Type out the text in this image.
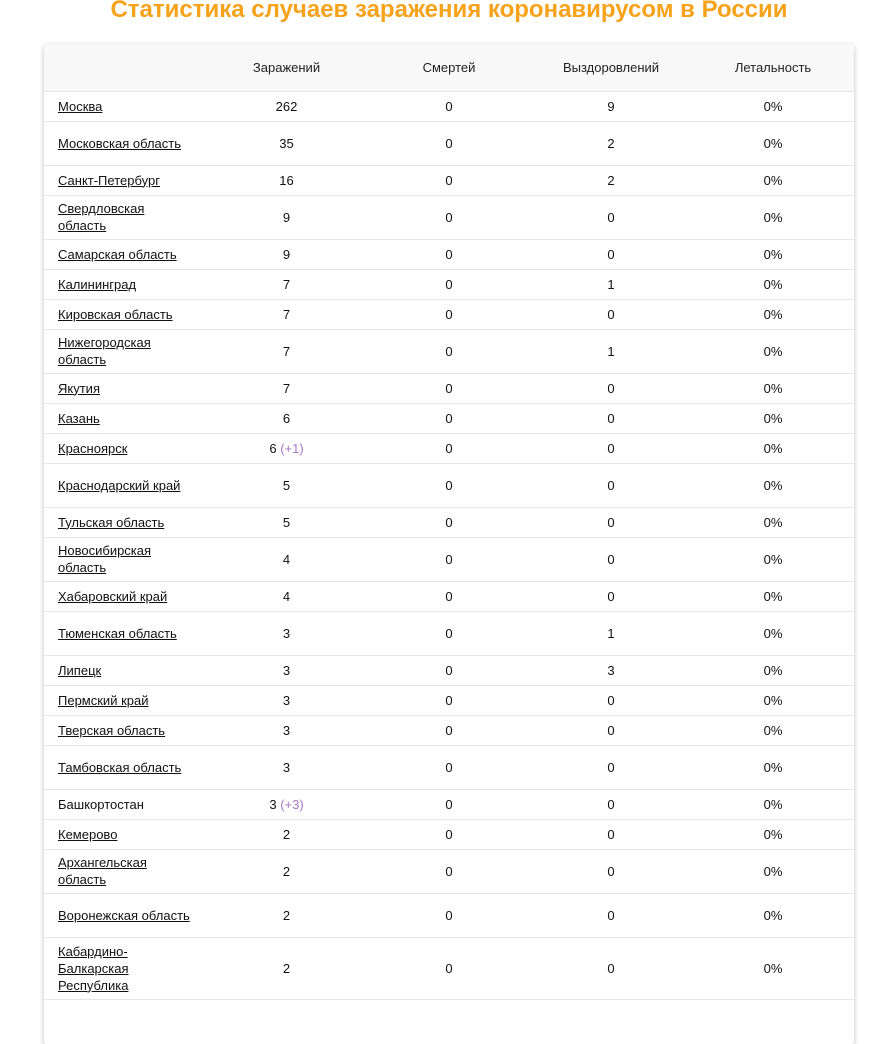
Статистика случаев заражения коронавирусом в России
	Заражений	Смертей	Выздоровлений	Летальность
Москва	262	0	9	0%
Московская область	35	0	2	0%
Санкт-Петербург	16	0	2	0%
Свердловская область	9	0	0	0%
Самарская область	9	0	0	0%
Калининград	7	0	1	0%
Кировская область	7	0	0	0%
Нижегородская область	7	0	1	0%
Якутия	7	0	0	0%
Казань	6	0	0	0%
Красноярск	6 (+1)	0	0	0%
Краснодарский край	5	0	0	0%
Тульская область	5	0	0	0%
Новосибирская область	4	0	0	0%
Хабаровский край	4	0	0	0%
Тюменская область	3	0	1	0%
Липецк	3	0	3	0%
Пермский край	3	0	0	0%
Тверская область	3	0	0	0%
Тамбовская область	3	0	0	0%
Башкортостан	3 (+3)	0	0	0%
Кемерово	2	0	0	0%
Архангельская область	2	0	0	0%
Воронежская область	2	0	0	0%
Кабардино-Балкарская Республика	2	0	0	0%
